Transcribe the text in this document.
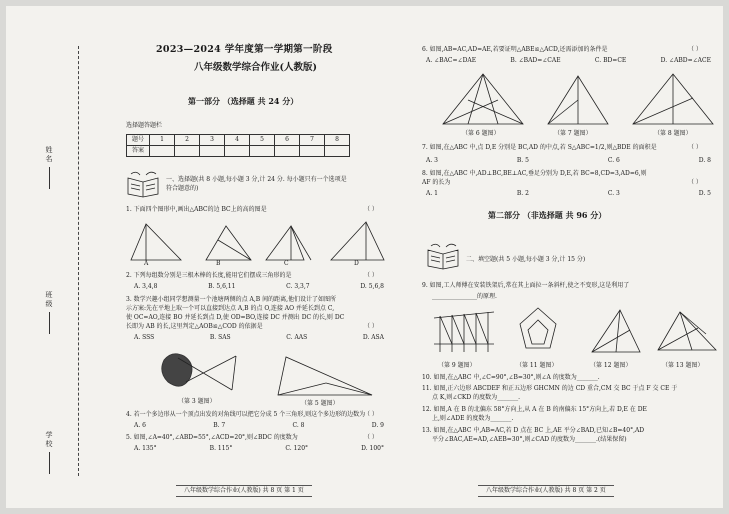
姓名
班级
学校
2023—2024 学年度第一学期第一阶段
八年级数学综合作业(人教版)
第一部分 （选择题 共 24 分）
选择题答题栏
题号	1	2	3	4	5	6	7	8
答案								
一、选择题(共 8 小题,每小题 3 分,计 24 分. 每小题只有一个选项是
符合题意的)
1. 下面四个图形中,画出△ABC的边 BC上的高的图是	（ ）
A	B	C	D
2. 下列每组数分别是三根木棒的长度,能用它们摆成三角形的是	（ ）
A. 3,4,8	B. 5,6,11	C. 3,3,7	D. 5,6,8
3. 数学兴趣小组同学想测量一个池塘两侧的点 A,B 间的距离,他们设计了如图所
示方案:先在平地上取一个可以直接到达点 A,B 的点 O,连接 AO 并延长到点 C,
使 OC=AO,连接 BO 并延长到点 D,使 OD=BO,连接 DC 并测出 DC 的长,则 DC
长即为 AB 的长,这里判定△AOB≌△COD 的依据是	（ ）
A. SSS	B. SAS	C. AAS	D. ASA
（第 3 题图）	（第 5 题图）
4. 若一个多边形从一个顶点出发的对角线可以把它分成 5 个三角形,则这个多边形的边数为
（ ）
A. 6	B. 7	C. 8	D. 9
5. 如图,∠A=40°,∠ABD=55°,∠ACD=20°,则∠BDC 的度数为	（ ）
A. 135°	B. 115°	C. 120°	D. 100°
八年级数学综合作业(人教版) 共 8 页 第 1 页
6. 如图,AB=AC,AD=AE,若要证明△ABE≌△ACD,还需添加的条件是	（ ）
A. ∠BAC=∠DAE	B. ∠BAD=∠CAE	C. BD=CE	D. ∠ABD=∠ACE
（第 6 题图）	（第 7 题图）	（第 8 题图）
7. 如图,在△ABC 中,点 D,E 分别是 BC,AD 的中点,若 S△ABC=1/2,则△BDE 的面积是	（ ）
A. 3	B. 5	C. 6	D. 8
8. 如图,在△ABC 中,AD⊥BC,BE⊥AC,垂足分别为 D,E,若 BC=8,CD=3,AD=6,则
AF 的长为	（ ）
A. 1	B. 2	C. 3	D. 5
第二部分 （非选择题 共 96 分）
二、填空题(共 5 小题,每小题 3 分,计 15 分)
9. 如图,工人师傅在安装铁架后,常在其上面拉一条斜杆,使之不变形,这是利用了
_______________的原理.
（第 9 题图）	（第 11 题图）	（第 12 题图）	（第 13 题图）
10. 如图,在△ABC 中,∠C=90°,∠B=30°,则∠A 的度数为_______.
11. 如图,正六边形 ABCDEF 和正五边形 GHCMN 的边 CD 重合,CM 交 BC 于点 F 交 CE 于
点 K,则∠CKD 的度数为_______.
12. 如图,A 在 B 的北偏东 58°方向上,从 A 在 B 的南偏东 15°方向上,若 D,E 在 DE
上,则∠ADE 的度数为_______.
13. 如图,在△ABC 中,AB=AC,若 D 点在 BC 上,AE 平分∠BAD,已知∠B=40°,AD
平分∠BAC,AE=AD,∠AEB=30°,则∠CAD 的度数为_______.(结果保留)
八年级数学综合作业(人教版) 共 8 页 第 2 页
